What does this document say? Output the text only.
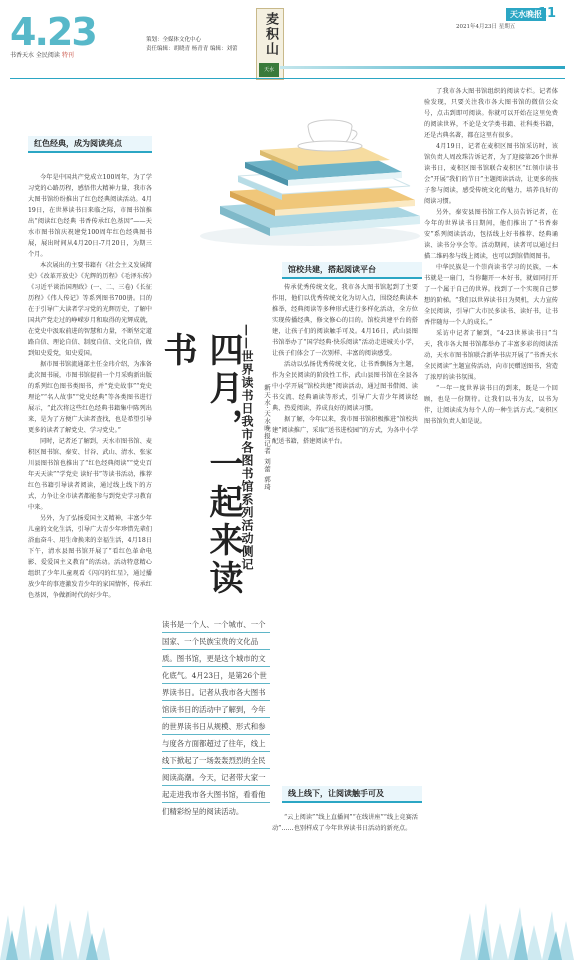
4.23
书香天水 全民阅读 特刊	麦积山
天水
策划：全媒体文化中心
责任编辑：胡晓青 杨青青 编辑：刘蕾
天水晚报
11
2021年4月23日 星期五
红色经典，成为阅读亮点

今年是中国共产党成立100周年，为了学习党的心路历程，感悟伟大精神力量，我市各大图书馆纷纷推出了红色经典阅读活动。4月19日，在世界读书日来临之际，市图书馆推出“阅读红色经典 书香传承红色基因”——天水市图书馆庆祝建党100周年红色经典图书展，展出时间从4月20日-7月20日，为期三个月。

本次展出的主要书籍有《社会主义发展简史》《改革开放史》《光辉的历程》《毛泽东传》《习近平谈治国理政》(一、二、三卷)《长征历程》《伟人传记》等系列图书700册。目的在于引导广大读者学习党的光辉历史，了解中国共产党走过的峥嵘岁月和取得的光辉成就，在党史中汲取前进的智慧和力量，不断坚定道路自信、理论自信、制度自信、文化自信，做到知史爱党，知史爱国。

据市图书馆流通部主任金玮介绍，为准备此次图书展，市图书馆提前一个月采购新出版的系列红色图书类图书，并“党史故事”“党史理论”“名人故事”“党史经典”等各类图书进行展示，“此次将这些红色经典书籍集中陈列出来，是为了方便广大读者查找，也是希望引导更多的读者了解党史、学习党史。”

同时，记者还了解到，天水市图书馆、麦积区图书馆、秦安、甘谷、武山、清水、张家川县图书馆也推出了“红色经典阅读”“党史百年天天读”“学党史 读好书”等读书活动，推荐红色书籍引导读者阅读，通过线上线下的方式，力争让全市读者都能参与到党史学习教育中来。

另外，为了弘扬爱国主义精神，丰富少年儿童的文化生活，引导广大青少年珍惜先辈们浴血奋斗、用生命换来的幸福生活，4月18日下午，清水县图书馆开展了“看红色革命电影、爱爱国主义教育”的活动。活动特意精心组织了少年儿童观看《闪闪的红星》，通过播放少年的事迹激发青少年的家国情怀，传承红色基因，争做新时代的好少年。	四月，一起来读书	——世界读书日我市各图书馆系列活动侧记	新天水·天水晚报记者 刘蕾 郭琦
读书是一个人、一个城市、一个国家、一个民族宝贵的文化品质。图书馆，更是这个城市的文化底气。4月23日，是第26个世界读书日。记者从我市各大图书馆读书日的活动中了解到，今年的世界读书日从规模、形式和参与度各方面都超过了往年，线上线下掀起了一场轰轰烈烈的全民阅读高潮。今天，记者带大家一起走进我市各大图书馆，看看他们精彩纷呈的阅读活动。
馆校共建，搭起阅读平台

传承优秀传统文化，我市各大图书馆起到了主要作用，他们以优秀传统文化为切入点，围绕经典读本推举，经典阅读等多种形式进行多样化活动，全方位实现传播经典，修文修心的目的。馆校共建平台的搭建，让孩子们的阅读触手可及。4月16日，武山县图书馆举办了“国学经典·快乐阅读”活动走进城关小学，让孩子们体会了一次别样、丰富的阅读感受。

活动以弘扬优秀传统文化，让书香飘扬为主题，作为全民阅读的阶段性工作，武山县图书馆在全县各中小学开展“馆校共建”阅读活动，通过图书借阅、读书交流、经典诵读等形式，引导广大青少年阅读经典、热爱阅读，养成良好的阅读习惯。

据了解，今年以来，我市图书馆积极推进“馆校共建”阅读推广，采取“送书进校园”的方式，为各中小学配送书籍，搭建阅读平台。

线上线下，让阅读触手可及

“云上阅读”“线上直播间”“在线讲座”“线上竞赛活动”……也别样成了今年世界读书日活动的新亮点。

了我市各大图书馆组织的阅读专栏。记者体验发现，只要关注我市各大图书馆的微信公众号，点击到即可阅读。你就可以开始在这里免费的阅读世界，不论是文学类书籍、社科类书籍，还是古典名著，都在这里有很多。

4月19日，记者在麦积区图书馆采访时，该馆负责人周改珠告诉记者，为了迎接第26个世界读书日，麦积区图书馆联合麦积区“红领巾读书会”开展“我们的节日”主题阅读活动，让更多的孩子参与阅读，感受传统文化的魅力，培养良好的阅读习惯。

另外，秦安县图书馆工作人员告诉记者，在今年的世界读书日期间，他们推出了“书香秦安”系列阅读活动，包括线上好书推荐、经典诵读、读书分享会等。活动期间，读者可以通过扫描二维码参与线上阅读，也可以到馆借阅图书。

中华民族是一个崇尚读书学习的民族，一本书就是一扇门，当你翻开一本好书，就如同打开了一个属于自己的世界。找到了一个实现自己梦想的阶梯。“我们以世界读书日为契机，大力宣传全民阅读，引导广大市民多读书、读好书，让书香伴随每一个人的成长。”

采访中记者了解到，“4·23世界读书日”当天，我市各大图书馆都举办了丰富多彩的阅读活动，天水市图书馆联合新华书店开展了“书香天水 全民阅读”主题宣传活动，向市民赠送图书，营造了浓厚的读书氛围。

“一年一度世界读书日的到来，既是一个回顾，也是一份期待。让我们以书为友，以书为伴，让阅读成为每个人的一种生活方式。”麦积区图书馆负责人如是说。
